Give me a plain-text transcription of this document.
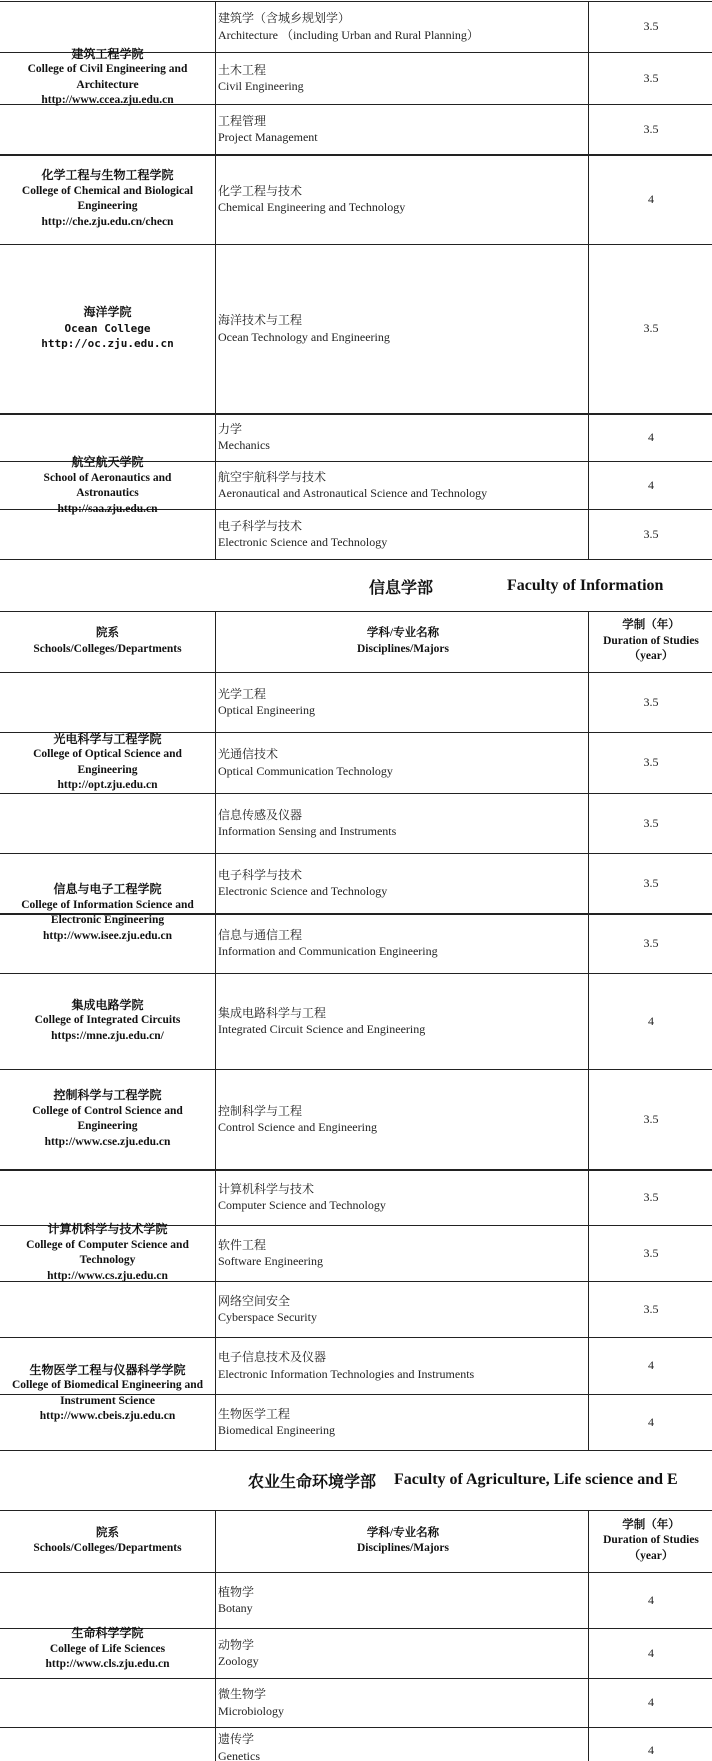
建筑工程学院
College of Civil Engineering and Architecture
http://www.ccea.zju.edu.cn
化学工程与生物工程学院
College of Chemical and Biological Engineering
http://che.zju.edu.cn/checn
海洋学院
Ocean College
http://oc.zju.edu.cn
航空航天学院
School of Aeronautics and Astronautics
http://saa.zju.edu.cn
建筑学（含城乡规划学）
Architecture （including Urban and Rural Planning）
土木工程
Civil Engineering
工程管理
Project Management
化学工程与技术
Chemical Engineering and Technology
海洋技术与工程
Ocean Technology and Engineering
力学
Mechanics
航空宇航科学与技术
Aeronautical and Astronautical Science and Technology
电子科学与技术
Electronic Science and Technology
3.5
3.5
3.5
4
3.5
4
4
3.5
信息学部	Faculty of Information
院系
Schools/Colleges/Departments
学科/专业名称
Disciplines/Majors
学制（年）
Duration of Studies
（year）
光电科学与工程学院
College of Optical Science and Engineering
http://opt.zju.edu.cn
信息与电子工程学院
College of Information Science and Electronic Engineering
http://www.isee.zju.edu.cn
集成电路学院
College of Integrated Circuits
https://mne.zju.edu.cn/
控制科学与工程学院
College of Control Science and Engineering
http://www.cse.zju.edu.cn
计算机科学与技术学院
College of Computer Science and Technology
http://www.cs.zju.edu.cn
生物医学工程与仪器科学学院
College of Biomedical Engineering and Instrument Science
http://www.cbeis.zju.edu.cn
光学工程
Optical Engineering
光通信技术
Optical Communication Technology
信息传感及仪器
Information Sensing and Instruments
电子科学与技术
Electronic Science and Technology
信息与通信工程
Information and Communication Engineering
集成电路科学与工程
Integrated Circuit Science and Engineering
控制科学与工程
Control Science and Engineering
计算机科学与技术
Computer Science and Technology
软件工程
Software Engineering
网络空间安全
Cyberspace Security
电子信息技术及仪器
Electronic Information Technologies and Instruments
生物医学工程
Biomedical Engineering
3.5
3.5
3.5
3.5
3.5
4
3.5
3.5
3.5
3.5
4
4
农业生命环境学部 Faculty of Agriculture, Life science and E
院系
Schools/Colleges/Departments
学科/专业名称
Disciplines/Majors
学制（年）
Duration of Studies
（year）
生命科学学院
College of Life Sciences
http://www.cls.zju.edu.cn
植物学
Botany
动物学
Zoology
微生物学
Microbiology
遗传学
Genetics
4
4
4
4
